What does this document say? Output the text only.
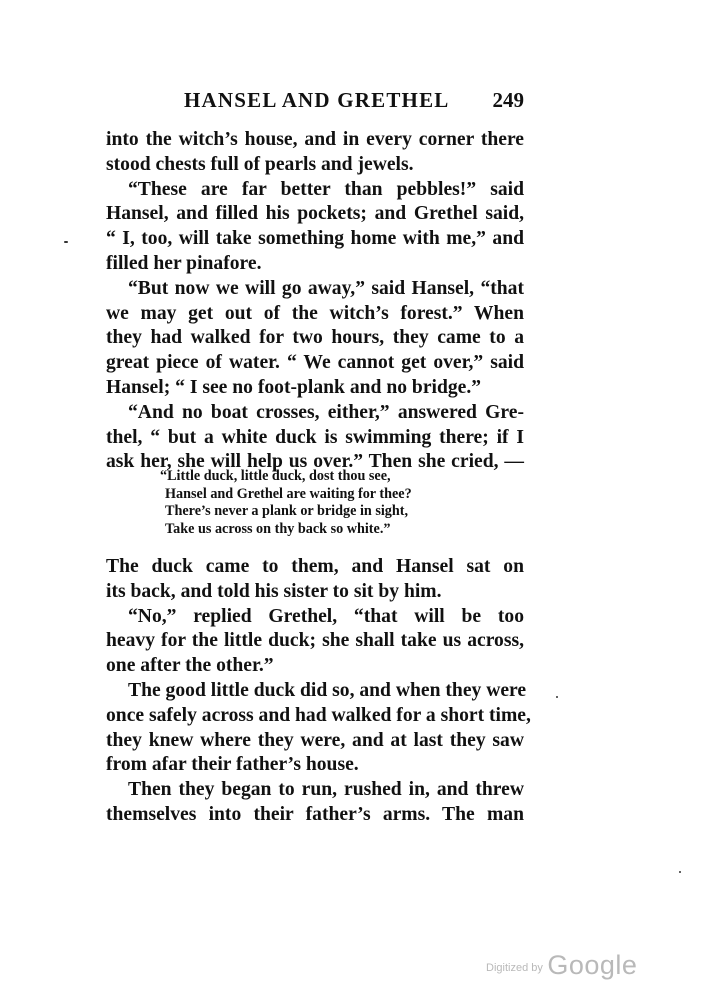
HANSEL AND GRETHEL 249
into the witch’s house, and in every corner there
stood chests full of pearls and jewels.
“These are far better than pebbles!” said
Hansel, and filled his pockets; and Grethel said,
“ I, too, will take something home with me,” and
filled her pinafore.
“But now we will go away,” said Hansel, “that
we may get out of the witch’s forest.” When
they had walked for two hours, they came to a
great piece of water. “ We cannot get over,” said
Hansel; “ I see no foot-plank and no bridge.”
“And no boat crosses, either,” answered Gre-
thel, “ but a white duck is swimming there; if I
ask her, she will help us over.” Then she cried, —
“Little duck, little duck, dost thou see,
Hansel and Grethel are waiting for thee?
There’s never a plank or bridge in sight,
Take us across on thy back so white.”
The duck came to them, and Hansel sat on
its back, and told his sister to sit by him.
“No,” replied Grethel, “that will be too
heavy for the little duck; she shall take us across,
one after the other.”
The good little duck did so, and when they were
once safely across and had walked for a short time,
they knew where they were, and at last they saw
from afar their father’s house.
Then they began to run, rushed in, and threw
themselves into their father’s arms. The man
Digitized by Google
